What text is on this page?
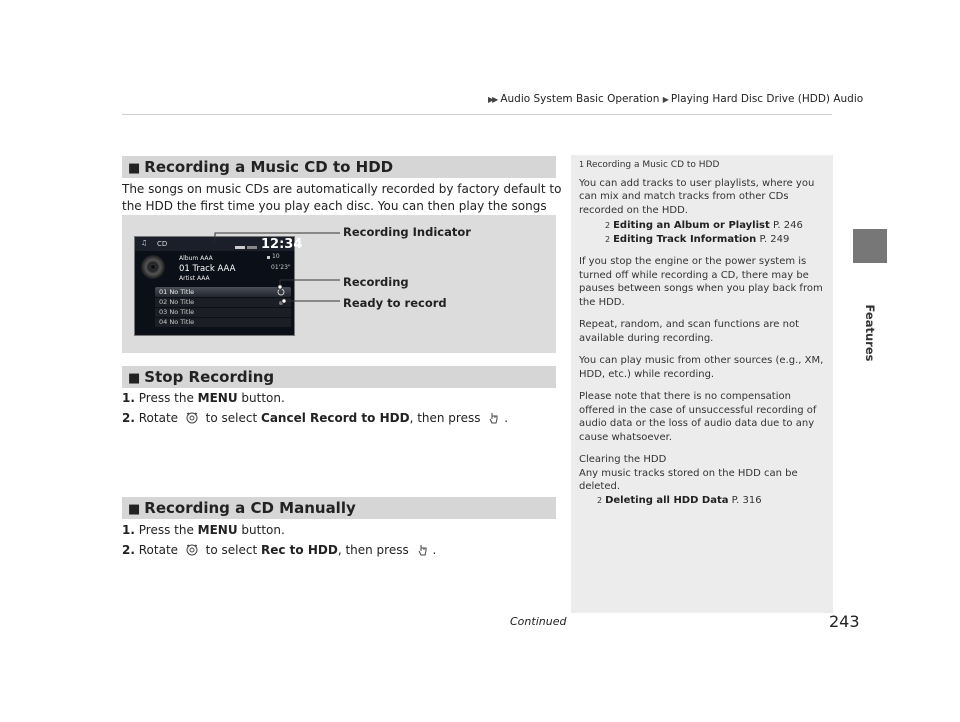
▶▶ Audio System Basic Operation ▶ Playing Hard Disc Drive (HDD) Audio
Features
■ Recording a Music CD to HDD
The songs on music CDs are automatically recorded by factory default to the HDD the first time you play each disc. You can then play the songs
♫ CD	12:34
Album AAA
01 Track AAA
Artist AAA
10
01'23"
01 No Title
02 No Title
03 No Title
04 No Title
Recording Indicator
Recording
Ready to record
■ Stop Recording
1. Press the MENU button.
2. Rotate  to select Cancel Record to HDD, then press .
■ Recording a CD Manually
1. Press the MENU button.
2. Rotate  to select Rec to HDD, then press .
1 Recording a Music CD to HDD

You can add tracks to user playlists, where you can mix and match tracks from other CDs recorded on the HDD.

2 Editing an Album or Playlist P. 246
2 Editing Track Information P. 249

If you stop the engine or the power system is turned off while recording a CD, there may be pauses between songs when you play back from the HDD.

Repeat, random, and scan functions are not available during recording.

You can play music from other sources (e.g., XM, HDD, etc.) while recording.

Please note that there is no compensation offered in the case of unsuccessful recording of audio data or the loss of audio data due to any cause whatsoever.

Clearing the HDD
Any music tracks stored on the HDD can be deleted.
2 Deleting all HDD Data P. 316
Continued	243
